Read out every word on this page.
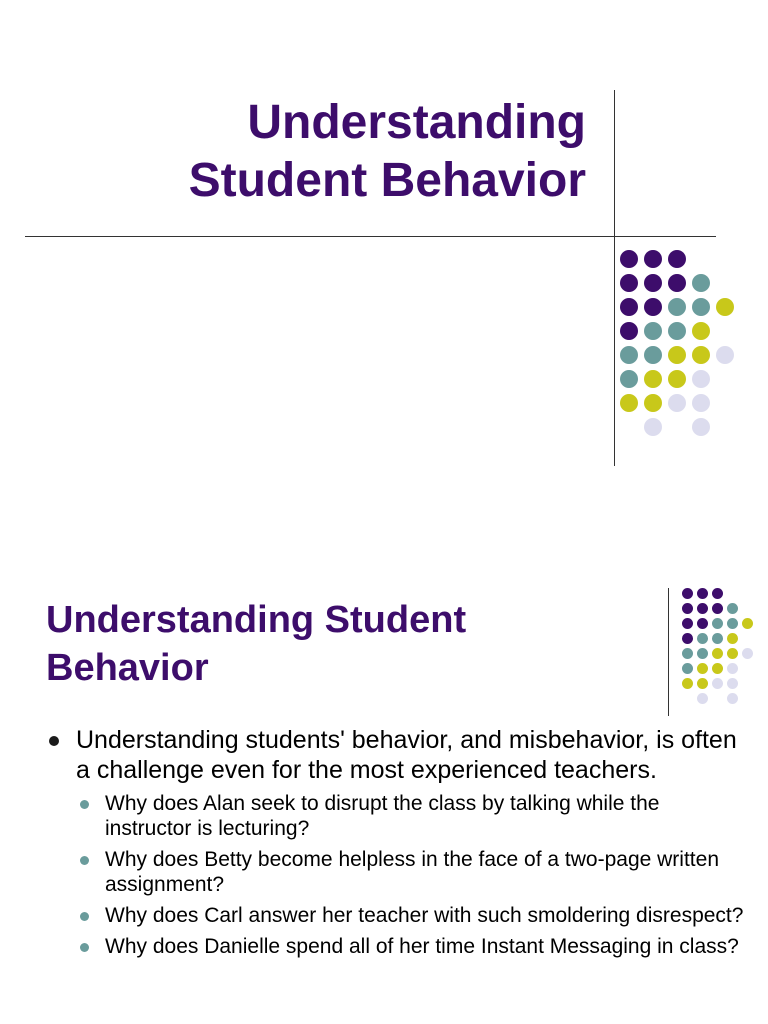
Understanding
Student Behavior
Understanding Student Behavior
Understanding students' behavior, and misbehavior, is often a challenge even for the most experienced teachers.
Why does Alan seek to disrupt the class by talking while the instructor is lecturing?
Why does Betty become helpless in the face of a two-page written assignment?
Why does Carl answer her teacher with such smoldering disrespect?
Why does Danielle spend all of her time Instant Messaging in class?
